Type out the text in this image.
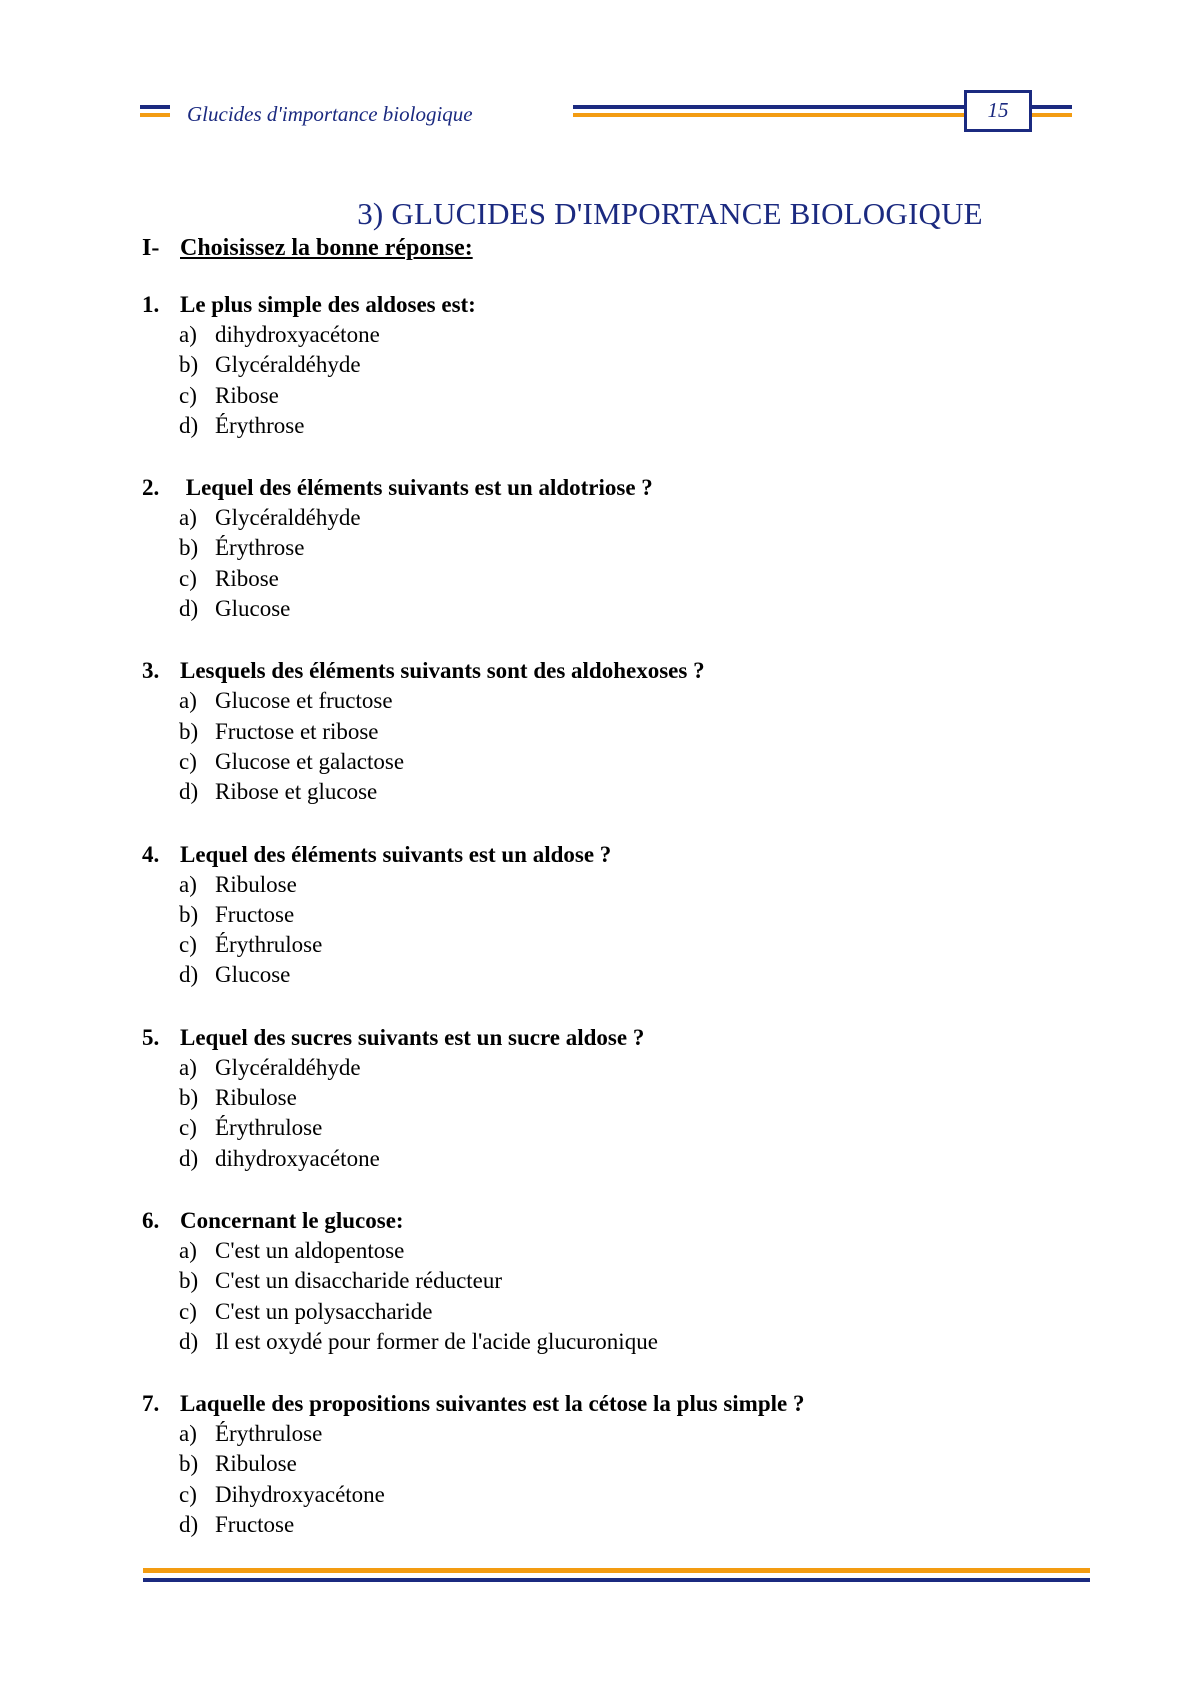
Glucides d'importance biologique	15
3) GLUCIDES D'IMPORTANCE BIOLOGIQUE
I- Choisissez la bonne réponse:
1. Le plus simple des aldoses est:
a) dihydroxyacétone
b) Glycéraldéhyde
c) Ribose
d) Érythrose
2. Lequel des éléments suivants est un aldotriose ?
a) Glycéraldéhyde
b) Érythrose
c) Ribose
d) Glucose
3. Lesquels des éléments suivants sont des aldohexoses ?
a) Glucose et fructose
b) Fructose et ribose
c) Glucose et galactose
d) Ribose et glucose
4. Lequel des éléments suivants est un aldose ?
a) Ribulose
b) Fructose
c) Érythrulose
d) Glucose
5. Lequel des sucres suivants est un sucre aldose ?
a) Glycéraldéhyde
b) Ribulose
c) Érythrulose
d) dihydroxyacétone
6. Concernant le glucose:
a) C'est un aldopentose
b) C'est un disaccharide réducteur
c) C'est un polysaccharide
d) Il est oxydé pour former de l'acide glucuronique
7. Laquelle des propositions suivantes est la cétose la plus simple ?
a) Érythrulose
b) Ribulose
c) Dihydroxyacétone
d) Fructose
